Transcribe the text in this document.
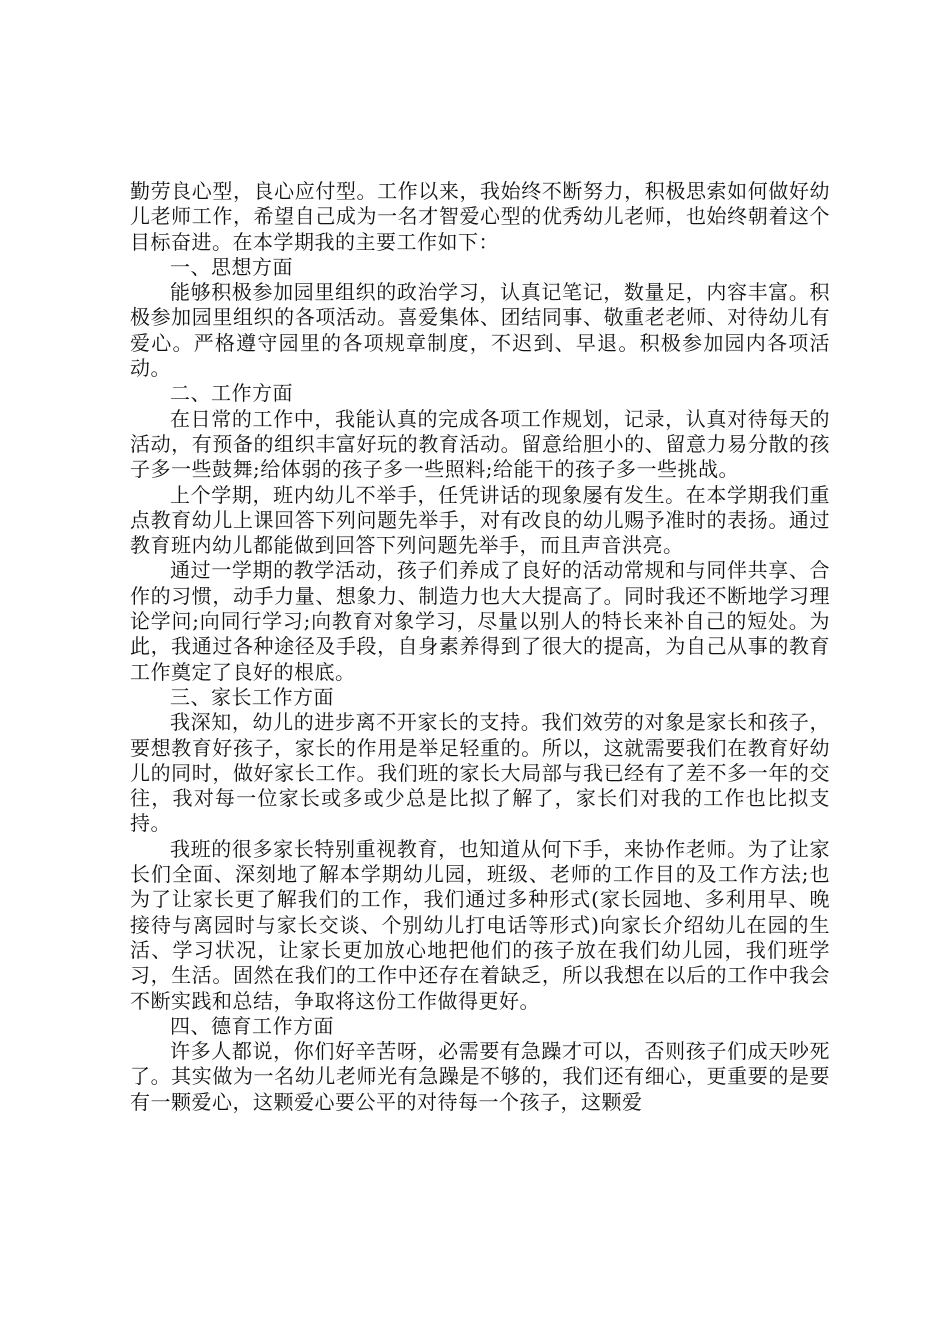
勤劳良心型，良心应付型。工作以来，我始终不断努力，积极思索如何做好幼儿老师工作，希望自己成为一名才智爱心型的优秀幼儿老师，也始终朝着这个目标奋进。在本学期我的主要工作如下：

一、思想方面

能够积极参加园里组织的政治学习，认真记笔记，数量足，内容丰富。积极参加园里组织的各项活动。喜爱集体、团结同事、敬重老老师、对待幼儿有爱心。严格遵守园里的各项规章制度，不迟到、早退。积极参加园内各项活动。

二、工作方面

在日常的工作中，我能认真的完成各项工作规划，记录，认真对待每天的活动，有预备的组织丰富好玩的教育活动。留意给胆小的、留意力易分散的孩子多一些鼓舞;给体弱的孩子多一些照料;给能干的孩子多一些挑战。

上个学期，班内幼儿不举手，任凭讲话的现象屡有发生。在本学期我们重点教育幼儿上课回答下列问题先举手，对有改良的幼儿赐予准时的表扬。通过教育班内幼儿都能做到回答下列问题先举手，而且声音洪亮。

通过一学期的教学活动，孩子们养成了良好的活动常规和与同伴共享、合作的习惯，动手力量、想象力、制造力也大大提高了。同时我还不断地学习理论学问;向同行学习;向教育对象学习，尽量以别人的特长来补自己的短处。为此，我通过各种途径及手段，自身素养得到了很大的提高，为自己从事的教育工作奠定了良好的根底。

三、家长工作方面

我深知，幼儿的进步离不开家长的支持。我们效劳的对象是家长和孩子，要想教育好孩子，家长的作用是举足轻重的。所以，这就需要我们在教育好幼儿的同时，做好家长工作。我们班的家长大局部与我已经有了差不多一年的交往，我对每一位家长或多或少总是比拟了解了，家长们对我的工作也比拟支持。

我班的很多家长特别重视教育，也知道从何下手，来协作老师。为了让家长们全面、深刻地了解本学期幼儿园，班级、老师的工作目的及工作方法;也为了让家长更了解我们的工作，我们通过多种形式(家长园地、多利用早、晚接待与离园时与家长交谈、个别幼儿打电话等形式)向家长介绍幼儿在园的生活、学习状况，让家长更加放心地把他们的孩子放在我们幼儿园，我们班学习，生活。固然在我们的工作中还存在着缺乏，所以我想在以后的工作中我会不断实践和总结，争取将这份工作做得更好。

四、德育工作方面

许多人都说，你们好辛苦呀，必需要有急躁才可以，否则孩子们成天吵死了。其实做为一名幼儿老师光有急躁是不够的，我们还有细心，更重要的是要有一颗爱心，这颗爱心要公平的对待每一个孩子，这颗爱
